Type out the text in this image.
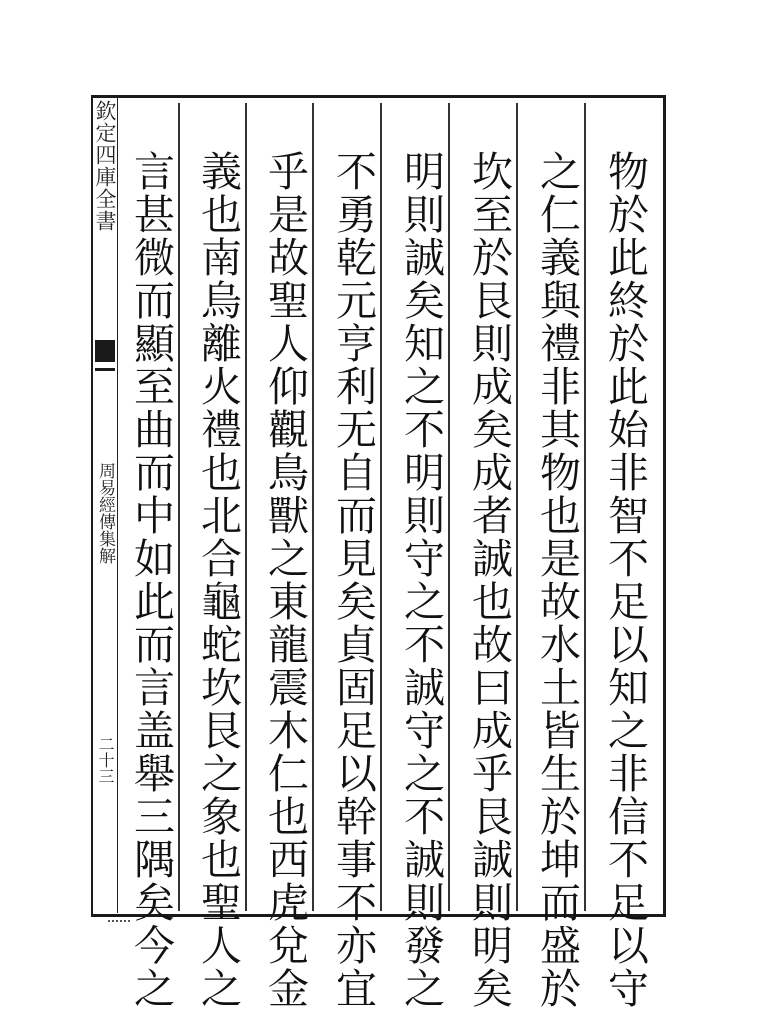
欽定四庫全書
周易經傳集解
二十三	物於此終於此始非智不足以知之非信不足以守
之仁義與禮非其物也是故水土皆生於坤而盛於
坎至於艮則成矣成者誠也故曰成乎艮誠則明矣
明則誠矣知之不明則守之不誠守之不誠則發之
不勇乾元亨利无自而見矣貞固足以幹事不亦宜
乎是故聖人仰觀鳥獸之東龍震木仁也西虎兌金
義也南烏離火禮也北合龜蛇坎艮之象也聖人之
言甚微而顯至曲而中如此而言盖舉三隅矣今之
